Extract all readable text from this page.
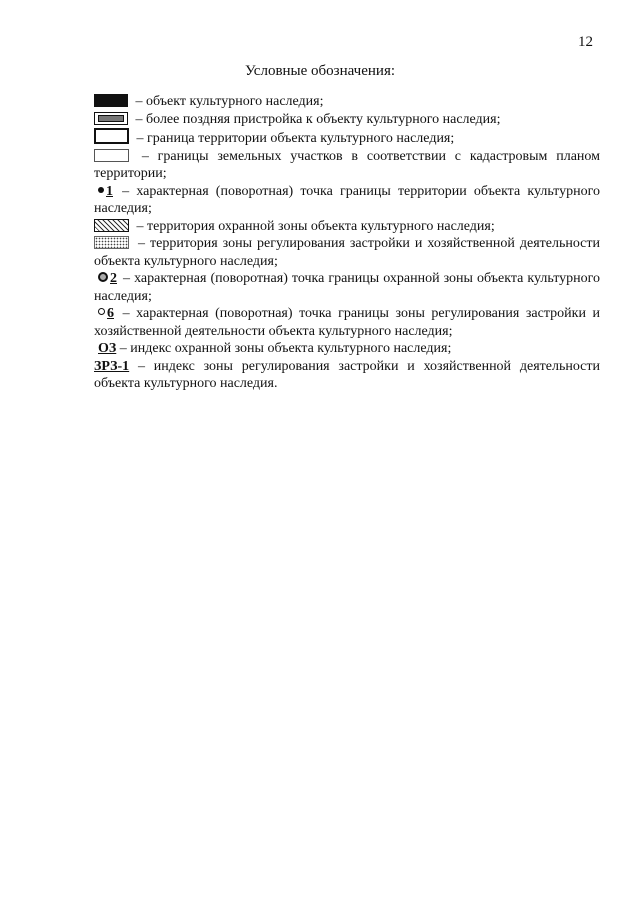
12
Условные обозначения:

– объект культурного наследия;

– более поздняя пристройка к объекту культурного наследия;

– граница территории объекта культурного наследия;

– границы земельных участков в соответствии с кадастровым планом территории;

1 – характерная (поворотная) точка границы территории объекта культурного наследия;

– территория охранной зоны объекта культурного наследия;

– территория зоны регулирования застройки и хозяйственной деятельности объекта культурного наследия;

2 – характерная (поворотная) точка границы охранной зоны объекта культурного наследия;

6 – характерная (поворотная) точка границы зоны регулирования застройки и хозяйственной деятельности объекта культурного наследия;

ОЗ – индекс охранной зоны объекта культурного наследия;

ЗРЗ-1 – индекс зоны регулирования застройки и хозяйственной деятельности объекта культурного наследия.
